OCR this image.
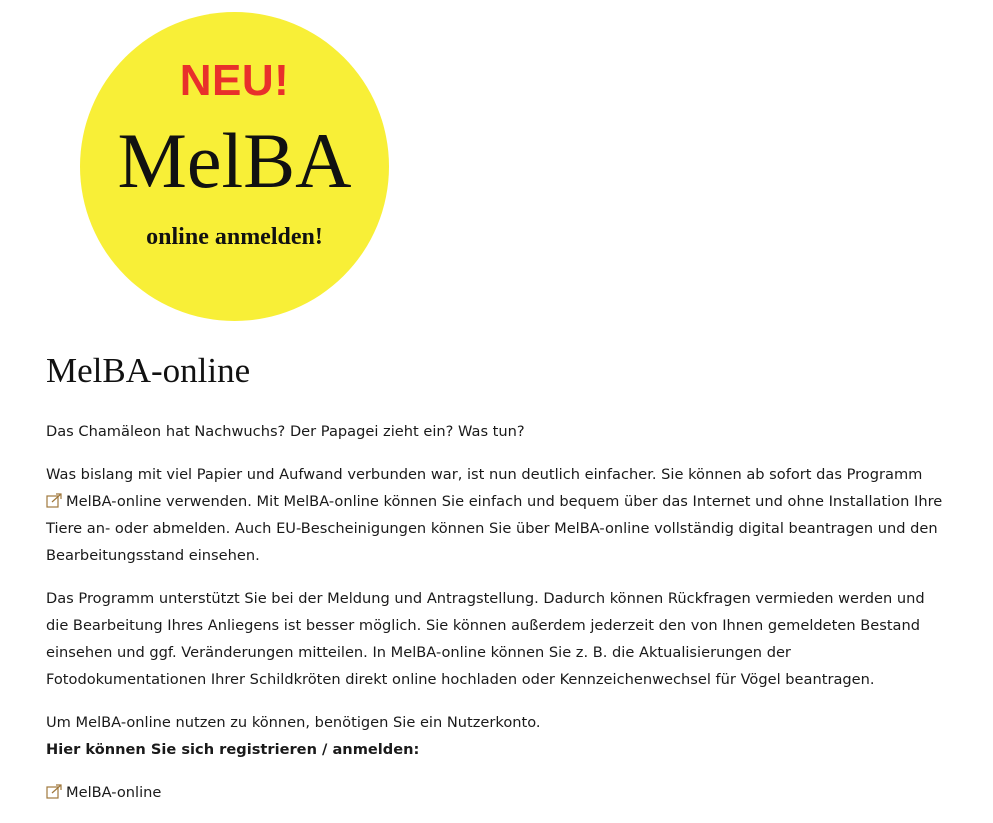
NEU!
MelBA
online anmelden!
MelBA-online

Das Chamäleon hat Nachwuchs? Der Papagei zieht ein? Was tun?

Was bislang mit viel Papier und Aufwand verbunden war, ist nun deutlich einfacher. Sie können ab sofort das Programm MelBA-online verwenden. Mit MelBA-online können Sie einfach und bequem über das Internet und ohne Installation Ihre Tiere an- oder abmelden. Auch EU-Bescheinigungen können Sie über MelBA-online vollständig digital beantragen und den Bearbeitungsstand einsehen.

Das Programm unterstützt Sie bei der Meldung und Antragstellung. Dadurch können Rückfragen vermieden werden und die Bearbeitung Ihres Anliegens ist besser möglich. Sie können außerdem jederzeit den von Ihnen gemeldeten Bestand einsehen und ggf. Veränderungen mitteilen. In MelBA-online können Sie z. B. die Aktualisierungen der Fotodokumentationen Ihrer Schildkröten direkt online hochladen oder Kennzeichenwechsel für Vögel beantragen.

Um MelBA-online nutzen zu können, benötigen Sie ein Nutzerkonto.
Hier können Sie sich registrieren / anmelden:

MelBA-online
